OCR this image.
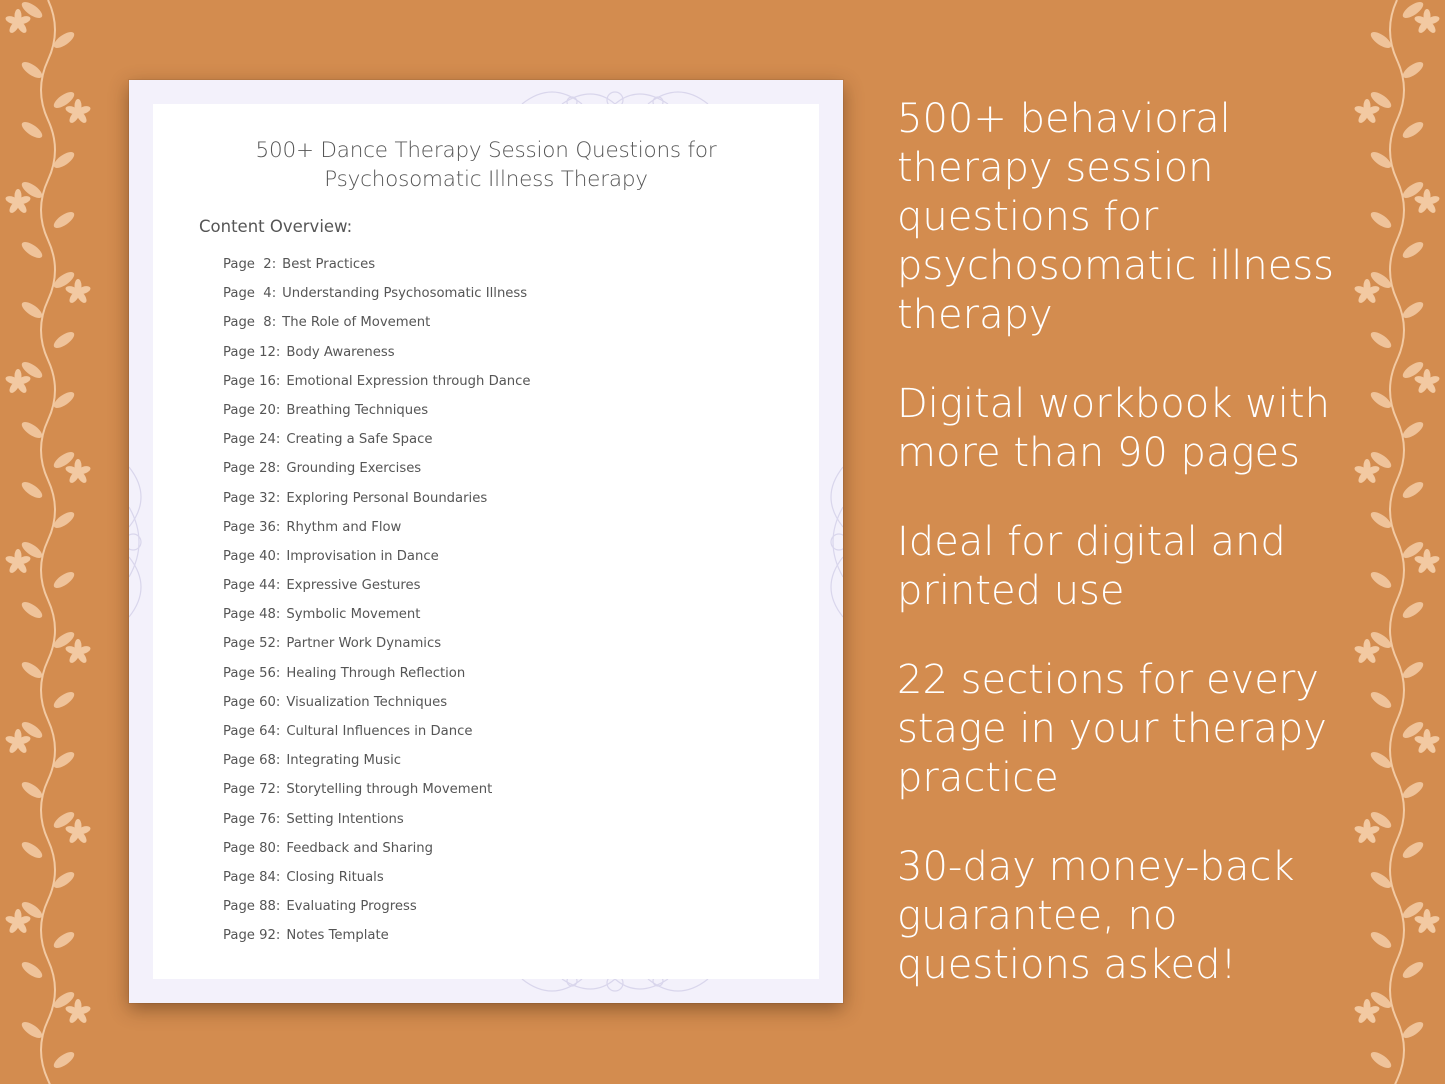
500+ Dance Therapy Session Questions for
Psychosomatic Illness Therapy
Content Overview:
Page  2: Best Practices
Page  4: Understanding Psychosomatic Illness
Page  8: The Role of Movement
Page 12: Body Awareness
Page 16: Emotional Expression through Dance
Page 20: Breathing Techniques
Page 24: Creating a Safe Space
Page 28: Grounding Exercises
Page 32: Exploring Personal Boundaries
Page 36: Rhythm and Flow
Page 40: Improvisation in Dance
Page 44: Expressive Gestures
Page 48: Symbolic Movement
Page 52: Partner Work Dynamics
Page 56: Healing Through Reflection
Page 60: Visualization Techniques
Page 64: Cultural Influences in Dance
Page 68: Integrating Music
Page 72: Storytelling through Movement
Page 76: Setting Intentions
Page 80: Feedback and Sharing
Page 84: Closing Rituals
Page 88: Evaluating Progress
Page 92: Notes Template
500+ behavioral
therapy session
questions for
psychosomatic illness
therapy
Digital workbook with
more than 90 pages
Ideal for digital and
printed use
22 sections for every
stage in your therapy
practice
30-day money-back
guarantee, no
questions asked!
